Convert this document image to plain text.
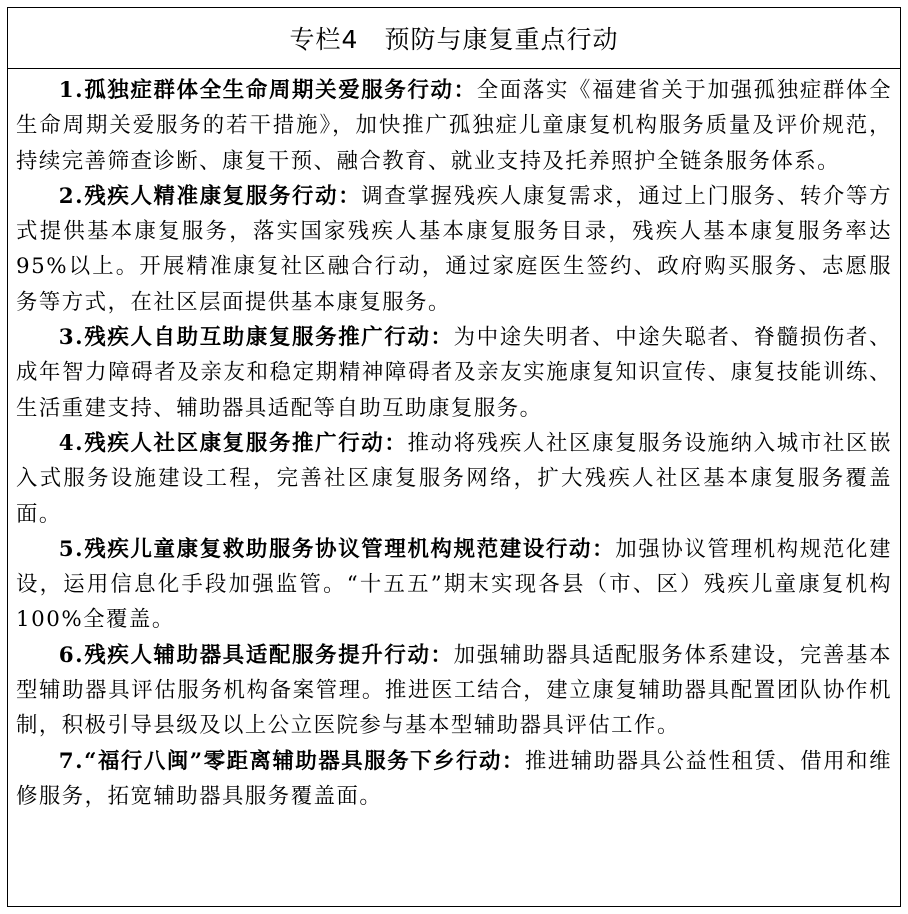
专栏4 预防与康复重点行动

1.孤独症群体全生命周期关爱服务行动：全面落实《福建省关于加强孤独症群体全生命周期关爱服务的若干措施》，加快推广孤独症儿童康复机构服务质量及评价规范，持续完善筛查诊断、康复干预、融合教育、就业支持及托养照护全链条服务体系。

2.残疾人精准康复服务行动：调查掌握残疾人康复需求，通过上门服务、转介等方式提供基本康复服务，落实国家残疾人基本康复服务目录，残疾人基本康复服务率达 95%以上。开展精准康复社区融合行动，通过家庭医生签约、政府购买服务、志愿服务等方式，在社区层面提供基本康复服务。

3.残疾人自助互助康复服务推广行动：为中途失明者、中途失聪者、脊髓损伤者、成年智力障碍者及亲友和稳定期精神障碍者及亲友实施康复知识宣传、康复技能训练、生活重建支持、辅助器具适配等自助互助康复服务。

4.残疾人社区康复服务推广行动：推动将残疾人社区康复服务设施纳入城市社区嵌入式服务设施建设工程，完善社区康复服务网络，扩大残疾人社区基本康复服务覆盖面。

5.残疾儿童康复救助服务协议管理机构规范建设行动：加强协议管理机构规范化建设，运用信息化手段加强监管。“十五五”期末实现各县（市、区）残疾儿童康复机构 100%全覆盖。

6.残疾人辅助器具适配服务提升行动：加强辅助器具适配服务体系建设，完善基本型辅助器具评估服务机构备案管理。推进医工结合，建立康复辅助器具配置团队协作机制，积极引导县级及以上公立医院参与基本型辅助器具评估工作。

7.“福行八闽”零距离辅助器具服务下乡行动：推进辅助器具公益性租赁、借用和维修服务，拓宽辅助器具服务覆盖面。
